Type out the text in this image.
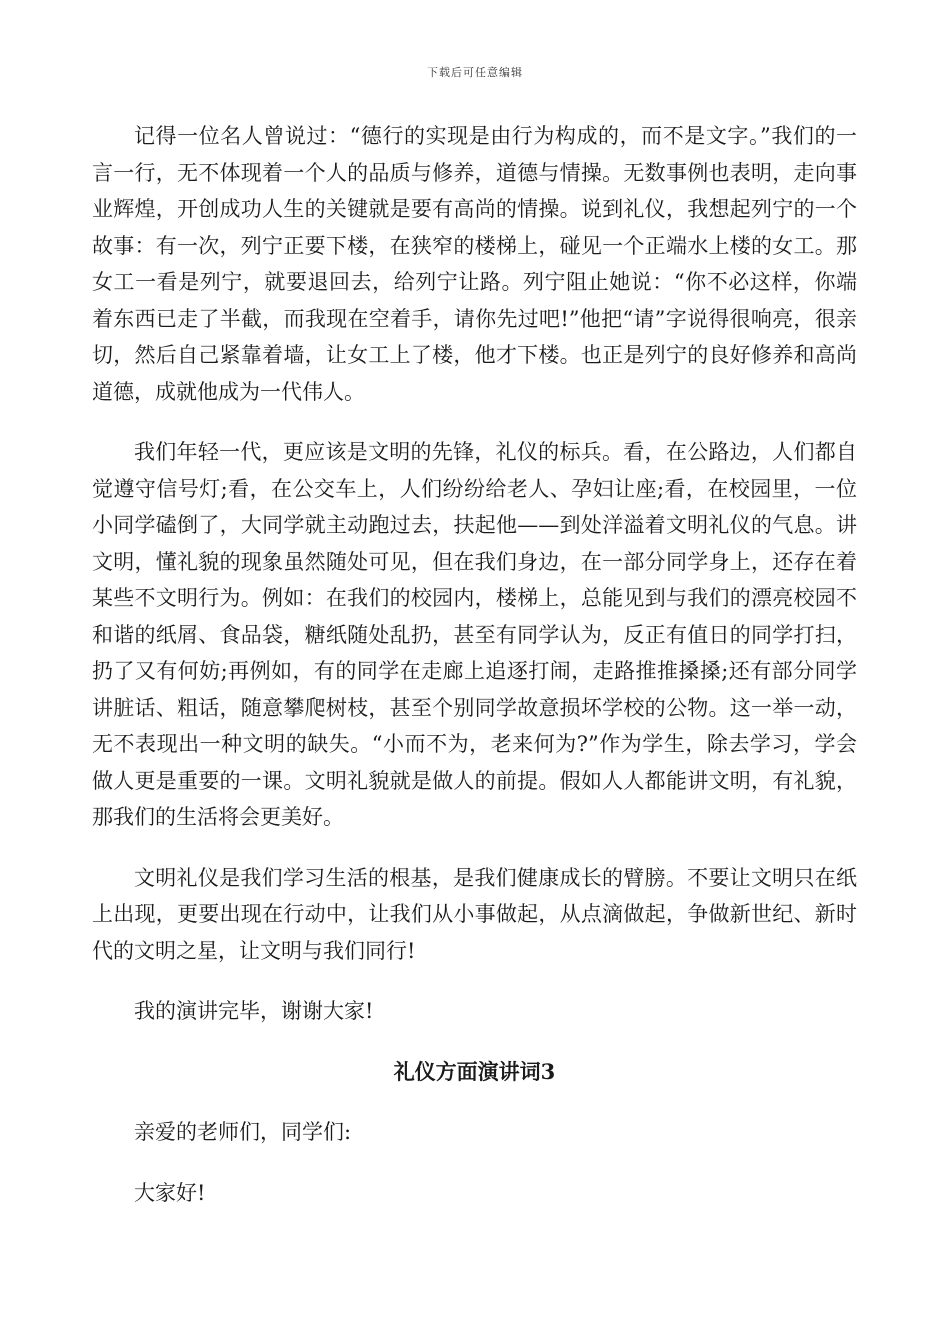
下载后可任意编辑

记得一位名人曾说过：“德行的实现是由行为构成的，而不是文字。”我们的一言一行，无不体现着一个人的品质与修养，道德与情操。无数事例也表明，走向事业辉煌，开创成功人生的关键就是要有高尚的情操。说到礼仪，我想起列宁的一个故事：有一次，列宁正要下楼，在狭窄的楼梯上，碰见一个正端水上楼的女工。那女工一看是列宁，就要退回去，给列宁让路。列宁阻止她说：“你不必这样，你端着东西已走了半截，而我现在空着手，请你先过吧!”他把“请”字说得很响亮，很亲切，然后自己紧靠着墙，让女工上了楼，他才下楼。也正是列宁的良好修养和高尚道德，成就他成为一代伟人。

我们年轻一代，更应该是文明的先锋，礼仪的标兵。看，在公路边，人们都自觉遵守信号灯;看，在公交车上，人们纷纷给老人、孕妇让座;看，在校园里，一位小同学磕倒了，大同学就主动跑过去，扶起他——到处洋溢着文明礼仪的气息。讲文明，懂礼貌的现象虽然随处可见，但在我们身边，在一部分同学身上，还存在着某些不文明行为。例如：在我们的校园内，楼梯上，总能见到与我们的漂亮校园不和谐的纸屑、食品袋，糖纸随处乱扔，甚至有同学认为，反正有值日的同学打扫，扔了又有何妨;再例如，有的同学在走廊上追逐打闹，走路推推搡搡;还有部分同学讲脏话、粗话，随意攀爬树枝，甚至个别同学故意损坏学校的公物。这一举一动，无不表现出一种文明的缺失。“小而不为，老来何为?”作为学生，除去学习，学会做人更是重要的一课。文明礼貌就是做人的前提。假如人人都能讲文明，有礼貌，那我们的生活将会更美好。

文明礼仪是我们学习生活的根基，是我们健康成长的臂膀。不要让文明只在纸上出现，更要出现在行动中，让我们从小事做起，从点滴做起，争做新世纪、新时代的文明之星，让文明与我们同行!

我的演讲完毕，谢谢大家!

礼仪方面演讲词3

亲爱的老师们，同学们:

大家好!
